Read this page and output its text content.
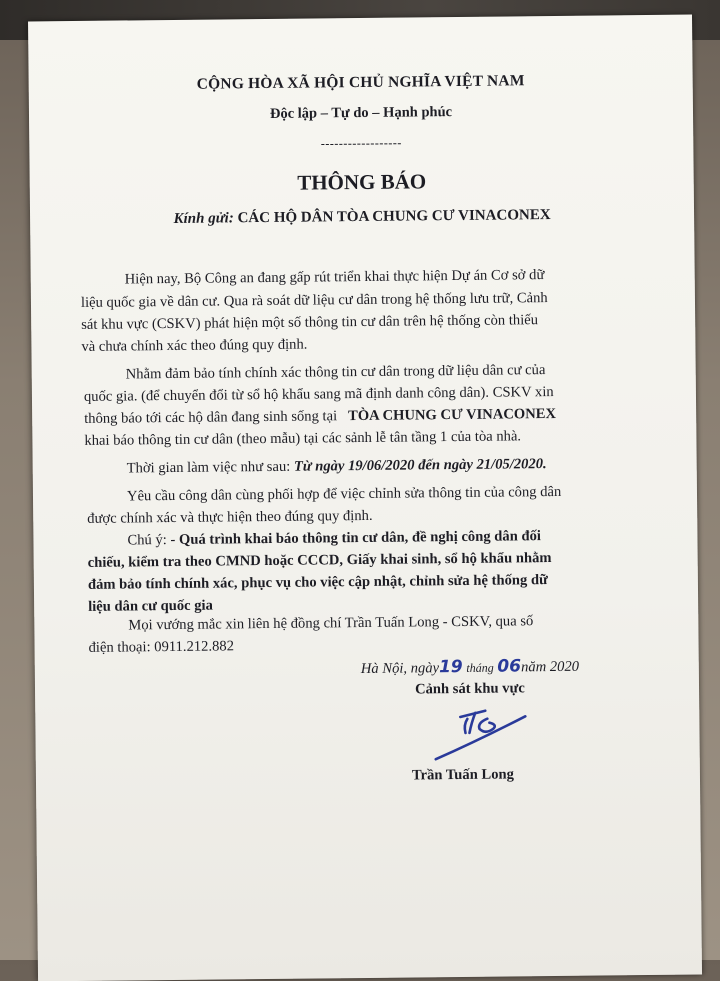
CỘNG HÒA XÃ HỘI CHỦ NGHĨA VIỆT NAM
Độc lập – Tự do – Hạnh phúc
------------------
THÔNG BÁO
Kính gửi: CÁC HỘ DÂN TÒA CHUNG CƯ VINACONEX
Hiện nay, Bộ Công an đang gấp rút triển khai thực hiện Dự án Cơ sở dữ
liệu quốc gia về dân cư. Qua rà soát dữ liệu cư dân trong hệ thống lưu trữ, Cảnh
sát khu vực (CSKV) phát hiện một số thông tin cư dân trên hệ thống còn thiếu
và chưa chính xác theo đúng quy định.
Nhằm đảm bảo tính chính xác thông tin cư dân trong dữ liệu dân cư của
quốc gia. (để chuyển đổi từ sổ hộ khẩu sang mã định danh công dân). CSKV xin
thông báo tới các hộ dân đang sinh sống tại TÒA CHUNG CƯ VINACONEX
khai báo thông tin cư dân (theo mẫu) tại các sảnh lễ tân tầng 1 của tòa nhà.
Thời gian làm việc như sau: Từ ngày 19/06/2020 đến ngày 21/05/2020.
Yêu cầu công dân cùng phối hợp để việc chỉnh sửa thông tin của công dân
được chính xác và thực hiện theo đúng quy định.
Chú ý: - Quá trình khai báo thông tin cư dân, đề nghị công dân đối
chiếu, kiểm tra theo CMND hoặc CCCD, Giấy khai sinh, sổ hộ khẩu nhằm
đảm bảo tính chính xác, phục vụ cho việc cập nhật, chỉnh sửa hệ thống dữ
liệu dân cư quốc gia
Mọi vướng mắc xin liên hệ đồng chí Trần Tuấn Long - CSKV, qua số
điện thoại: 0911.212.882
Hà Nội, ngày19 tháng 06năm 2020
Cảnh sát khu vực
Trần Tuấn Long
